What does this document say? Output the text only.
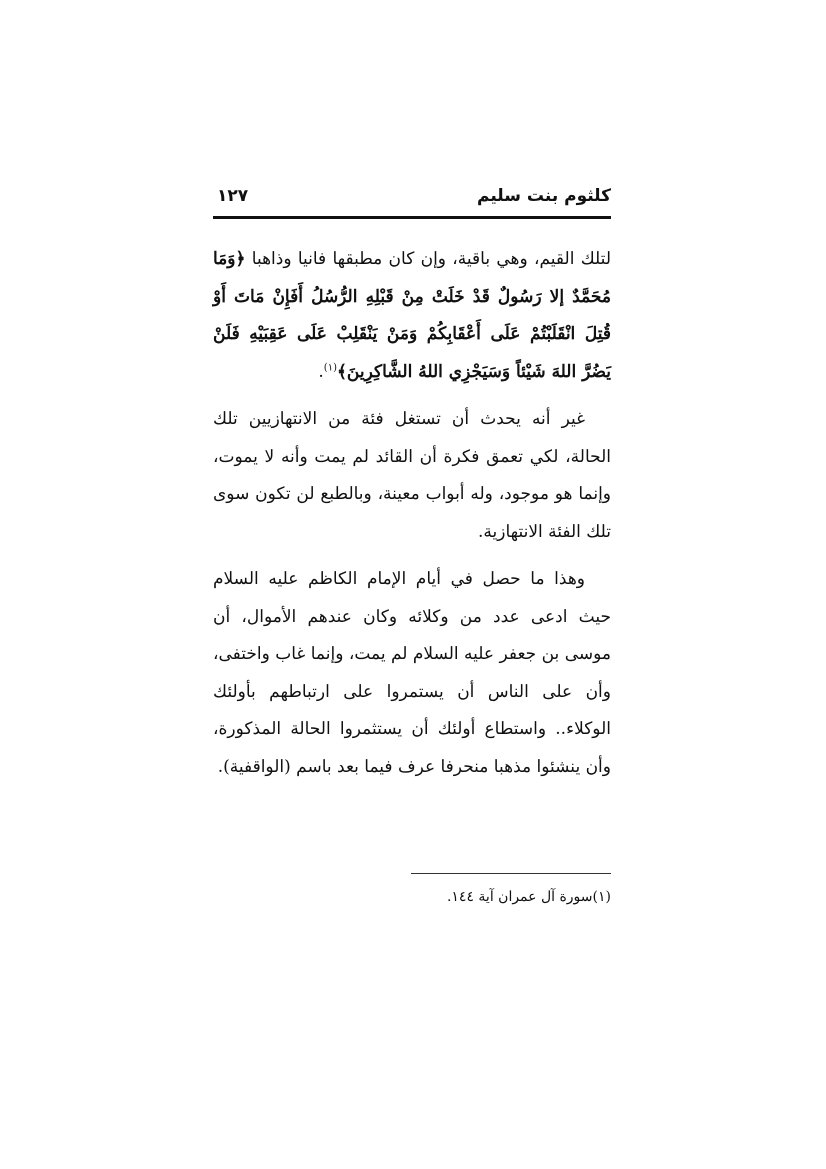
كلثوم بنت سليم
١٢٧

لتلك القيم، وهي باقية، وإن كان مطبقها فانيا وذاهبا ﴿وَمَا مُحَمَّدٌ إلا رَسُولٌ قَدْ خَلَتْ مِنْ قَبْلِهِ الرُّسُلُ أَفَإِنْ مَاتَ أَوْ قُتِلَ انْقَلَبْتُمْ عَلَى أَعْقَابِكُمْ وَمَنْ يَنْقَلِبْ عَلَى عَقِبَيْهِ فَلَنْ يَضُرَّ اللهَ شَيْئاً وَسَيَجْزِي اللهُ الشَّاكِرِينَ﴾$^{(١)}$.

غير أنه يحدث أن تستغل فئة من الانتهازيين تلك الحالة، لكي تعمق فكرة أن القائد لم يمت وأنه لا يموت، وإنما هو موجود، وله أبواب معينة، وبالطبع لن تكون سوى تلك الفئة الانتهازية.

وهذا ما حصل في أيام الإمام الكاظم عليه السلام حيث ادعى عدد من وكلائه وكان عندهم الأموال، أن موسى بن جعفر عليه السلام لم يمت، وإنما غاب واختفى، وأن على الناس أن يستمروا على ارتباطهم بأولئك الوكلاء.. واستطاع أولئك أن يستثمروا الحالة المذكورة، وأن ينشئوا مذهبا منحرفا عرف فيما بعد باسم (الواقفية).

(١)سورة آل عمران آية ١٤٤.
